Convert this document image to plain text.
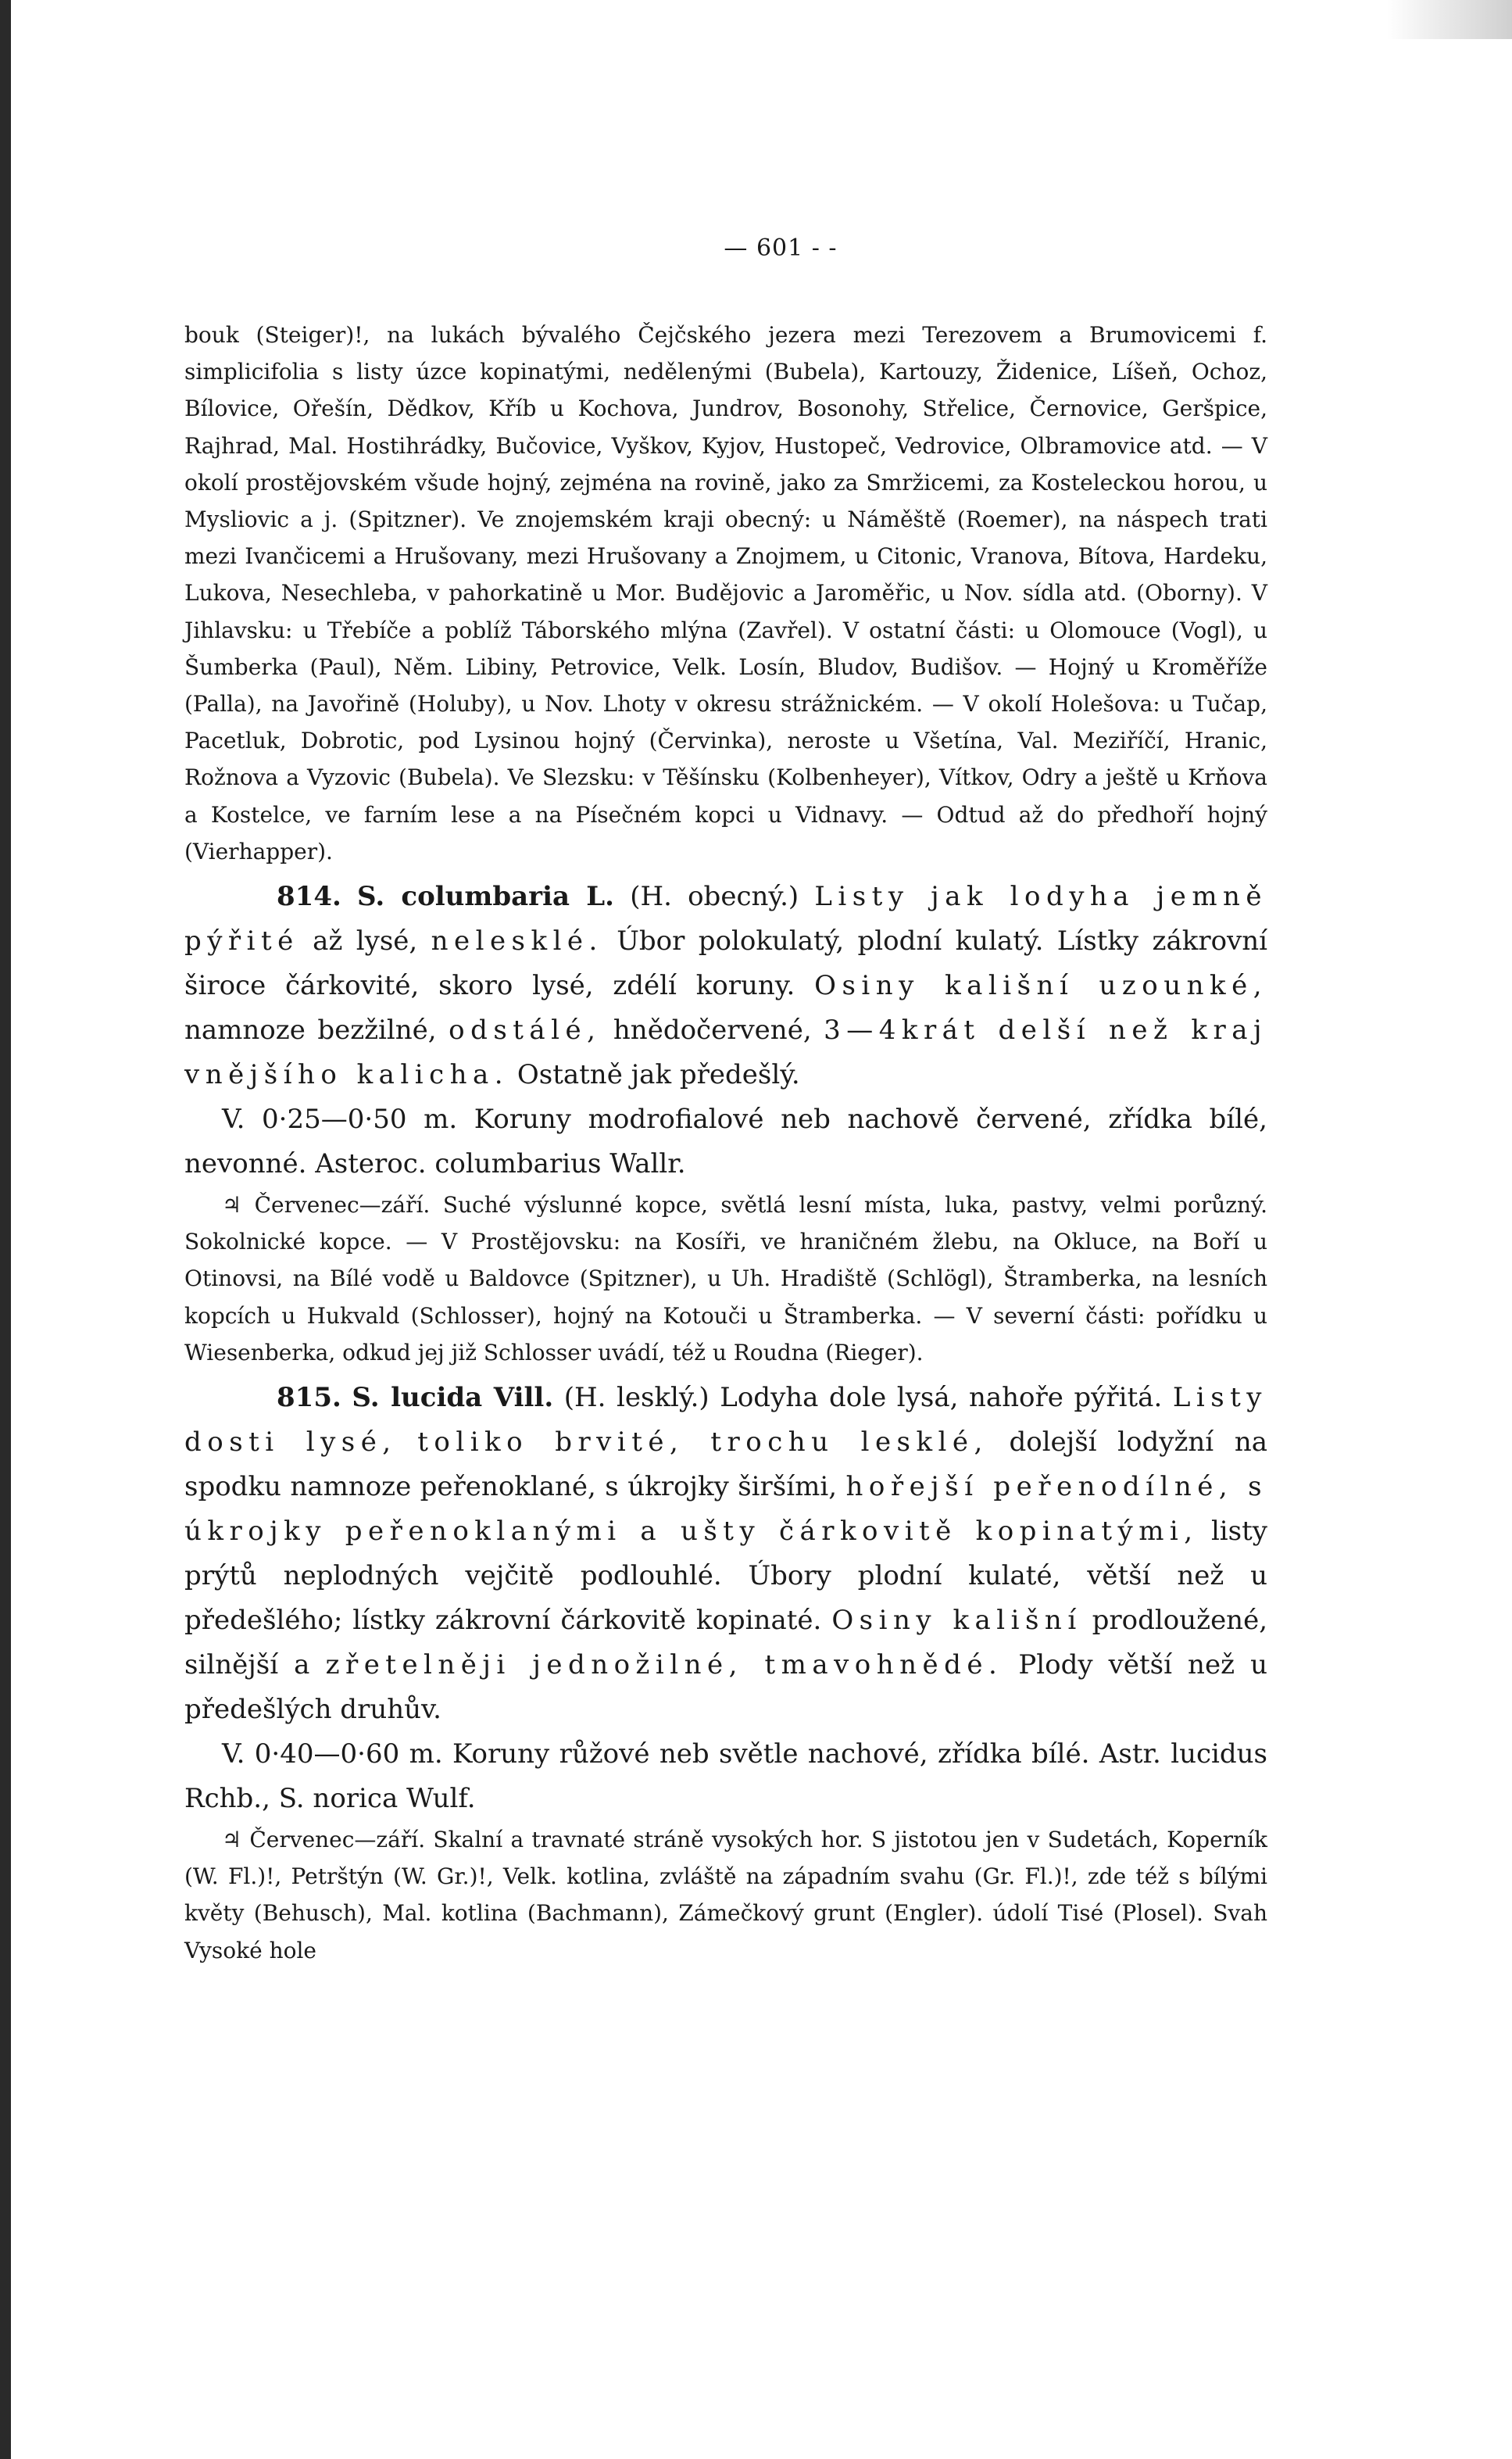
— 601 - -

bouk (Steiger)!, na lukách bývalého Čejčského jezera mezi Terezovem a Brumovicemi f. simplicifolia s listy úzce kopinatými, nedělenými (Bubela), Kartouzy, Židenice, Líšeň, Ochoz, Bílovice, Ořešín, Dědkov, Kříb u Kochova, Jundrov, Bosonohy, Střelice, Černovice, Geršpice, Rajhrad, Mal. Hostihrádky, Bučovice, Vyškov, Kyjov, Hustopeč, Vedrovice, Olbramovice atd. — V okolí prostějovském všude hojný, zejména na rovině, jako za Smržicemi, za Kosteleckou horou, u Mysliovic a j. (Spitzner). Ve znojemském kraji obecný: u Náměště (Roemer), na náspech trati mezi Ivančicemi a Hrušovany, mezi Hrušovany a Znojmem, u Citonic, Vranova, Bítova, Hardeku, Lukova, Nesechleba, v pahorkatině u Mor. Budějovic a Jaroměřic, u Nov. sídla atd. (Oborny). V Jihlavsku: u Třebíče a poblíž Táborského mlýna (Zavřel). V ostatní části: u Olomouce (Vogl), u Šumberka (Paul), Něm. Libiny, Petrovice, Velk. Losín, Bludov, Budišov. — Hojný u Kroměříže (Palla), na Javořině (Holuby), u Nov. Lhoty v okresu strážnickém. — V okolí Holešova: u Tučap, Pacetluk, Dobrotic, pod Lysinou hojný (Červinka), neroste u Všetína, Val. Meziříčí, Hranic, Rožnova a Vyzovic (Bubela). Ve Slezsku: v Těšínsku (Kolbenheyer), Vítkov, Odry a ještě u Krňova a Kostelce, ve farním lese a na Písečném kopci u Vidnavy. — Odtud až do předhoří hojný (Vierhapper).

814. S. columbaria L. (H. obecný.) Listy jak lodyha jemně pýřité až lysé, nelesklé. Úbor polokulatý, plodní kulatý. Lístky zákrovní široce čárkovité, skoro lysé, zdélí koruny. Osiny kališní uzounké, namnoze bezžilné, odstálé, hnědočervené, 3—4krát delší než kraj vnějšího kalicha. Ostatně jak předešlý.

V. 0·25—0·50 m. Koruny modrofialové neb nachově červené, zřídka bílé, nevonné. Asteroc. columbarius Wallr.

♃ Červenec—září. Suché výslunné kopce, světlá lesní místa, luka, pastvy, velmi porůzný. Sokolnické kopce. — V Prostějovsku: na Kosíři, ve hraničném žlebu, na Okluce, na Boří u Otinovsi, na Bílé vodě u Baldovce (Spitzner), u Uh. Hradiště (Schlögl), Štramberka, na lesních kopcích u Hukvald (Schlosser), hojný na Kotouči u Štramberka. — V severní části: pořídku u Wiesenberka, odkud jej již Schlosser uvádí, též u Roudna (Rieger).

815. S. lucida Vill. (H. lesklý.) Lodyha dole lysá, nahoře pýřitá. Listy dosti lysé, toliko brvité, trochu lesklé, dolejší lodyžní na spodku namnoze peřenoklané, s úkrojky širšími, hořejší peřenodílné, s úkrojky peřenoklanými a ušty čárkovitě kopinatými, listy prýtů neplodných vejčitě podlouhlé. Úbory plodní kulaté, větší než u předešlého; lístky zákrovní čárkovitě kopinaté. Osiny kališní prodloužené, silnější a zřetelněji jednožilné, tmavohnědé. Plody větší než u předešlých druhův.

V. 0·40—0·60 m. Koruny růžové neb světle nachové, zřídka bílé. Astr. lucidus Rchb., S. norica Wulf.

♃ Červenec—září. Skalní a travnaté stráně vysokých hor. S jistotou jen v Sudetách, Koperník (W. Fl.)!, Petrštýn (W. Gr.)!, Velk. kotlina, zvláště na západním svahu (Gr. Fl.)!, zde též s bílými květy (Behusch), Mal. kotlina (Bachmann), Zámečkový grunt (Engler). údolí Tisé (Plosel). Svah Vysoké hole
